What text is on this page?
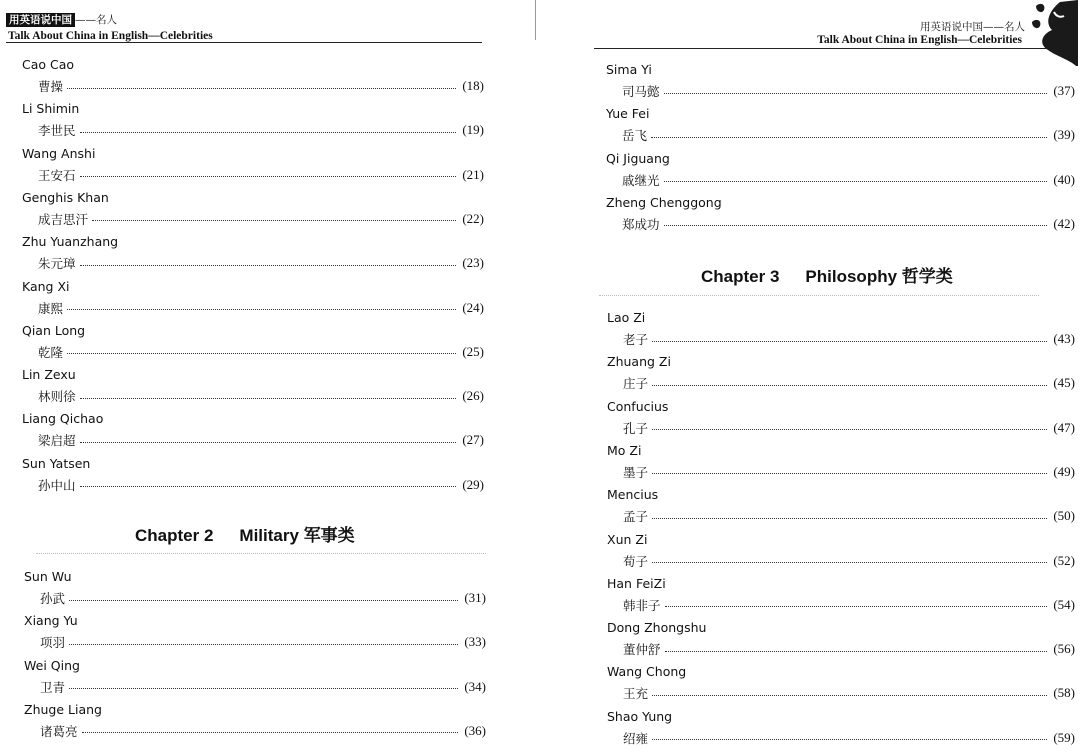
用英语说中国 ——名人
Talk About China in English—Celebrities
Cao Cao
曹操	(18)
Li Shimin
李世民	(19)
Wang Anshi
王安石	(21)
Genghis Khan
成吉思汗	(22)
Zhu Yuanzhang
朱元璋	(23)
Kang Xi
康熙	(24)
Qian Long
乾隆	(25)
Lin Zexu
林则徐	(26)
Liang Qichao
梁启超	(27)
Sun Yatsen
孙中山	(29)
Chapter 2 Military 军事类
Sun Wu
孙武	(31)
Xiang Yu
项羽	(33)
Wei Qing
卫青	(34)
Zhuge Liang
诸葛亮	(36)
用英语说中国——名人
Talk About China in English—Celebrities
Sima Yi
司马懿	(37)
Yue Fei
岳飞	(39)
Qi Jiguang
戚继光	(40)
Zheng Chenggong
郑成功	(42)
Chapter 3 Philosophy 哲学类
Lao Zi
老子	(43)
Zhuang Zi
庄子	(45)
Confucius
孔子	(47)
Mo Zi
墨子	(49)
Mencius
孟子	(50)
Xun Zi
荀子	(52)
Han FeiZi
韩非子	(54)
Dong Zhongshu
董仲舒	(56)
Wang Chong
王充	(58)
Shao Yung
绍雍	(59)
